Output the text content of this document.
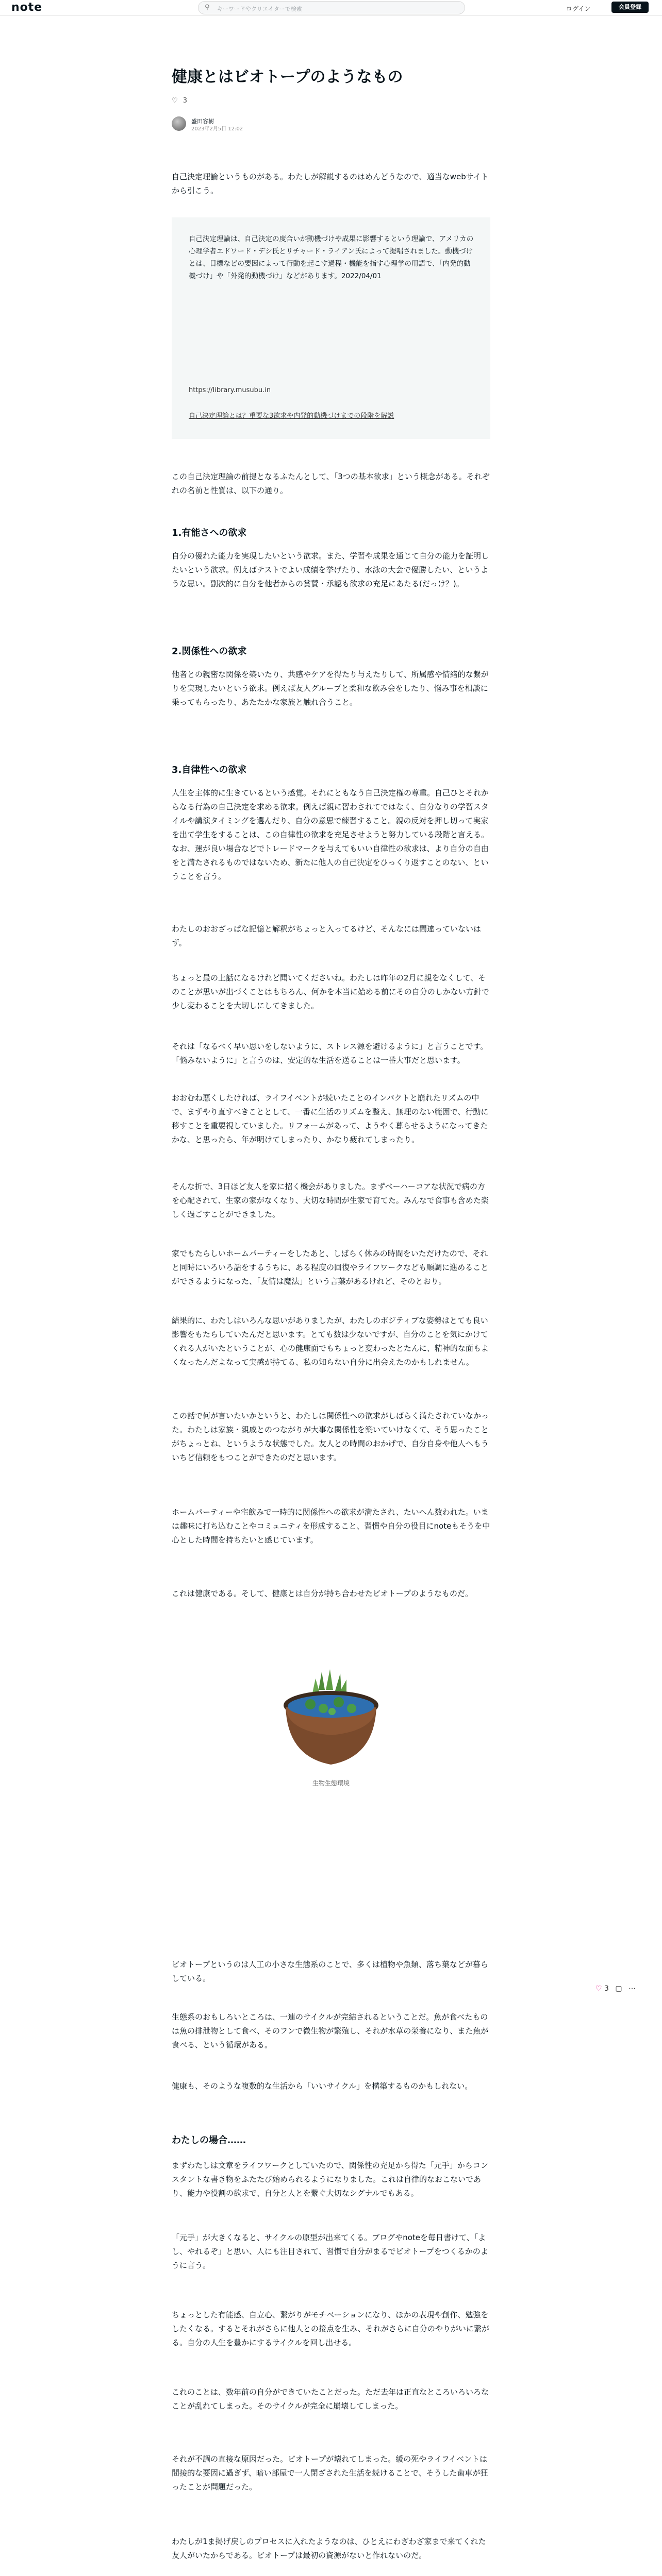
note	⚲ キーワードやクリエイターで検索	ログイン	会員登録
健康とはビオトープのようなもの
♡ 3
盛田容樹
2023年2月5日 12:02

自己決定理論というものがある。わたしが解説するのはめんどうなので、適当なwebサイトから引こう。

自己決定理論は、自己決定の度合いが動機づけや成果に影響するという理論で、アメリカの心理学者エドワード・デシ氏とリチャード・ライアン氏によって提唱されました。動機づけとは、目標などの要因によって行動を起こす過程・機能を指す心理学の用語で、「内発的動機づけ」や「外発的動機づけ」などがあります。2022/04/01
https://library.musubu.in
自己決定理論とは？重要な3欲求や内発的動機づけまでの段階を解説

この自己決定理論の前提となるふたんとして、「3つの基本欲求」という概念がある。それぞれの名前と性質は、以下の通り。

1.有能さへの欲求

自分の優れた能力を実現したいという欲求。また、学習や成果を通じて自分の能力を証明したいという欲求。例えばテストでよい成績を挙げたり、水泳の大会で優勝したい、というような思い。副次的に自分を他者からの賞賛・承認も欲求の充足にあたる(だっけ？)。

2.関係性への欲求

他者との親密な関係を築いたり、共感やケアを得たり与えたりして、所属感や情緒的な繋がりを実現したいという欲求。例えば友人グループと柔和な飲み会をしたり、悩み事を相談に乗ってもらったり、あたたかな家族と触れ合うこと。

3.自律性への欲求

人生を主体的に生きているという感覚。それにともなう自己決定権の尊重。自己ひとそれからなる行為の自己決定を求める欲求。例えば親に習わされてではなく、自分なりの学習スタイルや講演タイミングを選んだり、自分の意思で練習すること。親の反対を押し切って実家を出て学生をすることは、この自律性の欲求を充足させようと努力している段階と言える。なお、運が良い場合などでトレードマークを与えてもいい自律性の欲求は、より自分の自由をと満たされるものではないため、新たに他人の自己決定をひっくり返すことのない、ということを言う。

わたしのおおざっぱな記憶と解釈がちょっと入ってるけど、そんなには間違っていないはず。

ちょっと最の上話になるけれど聞いてくださいね。わたしは昨年の2月に親をなくして、そのことが思いが出づくことはもちろん、何かを本当に始める前にその自分のしかない方針で少し変わることを大切しにしてきました。

それは「なるべく早い思いをしないように、ストレス源を避けるように」と言うことです。「悩みないように」と言うのは、安定的な生活を送ることは一番大事だと思います。

おおむね悪くしたければ、ライフイベントが続いたことのインパクトと崩れたリズムの中で、まずやり直すべきこととして、一番に生活のリズムを整え、無理のない範囲で、行動に移すことを重要視していました。リフォームがあって、ようやく暮らせるようになってきたかな、と思ったら、年が明けてしまったり、かなり疲れてしまったり。

そんな折で、3日ほど友人を家に招く機会がありました。まずベーハーコアな状況で病の方を心配されて、生家の家がなくなり、大切な時間が生家で育てた。みんなで食事も含めた楽しく過ごすことができました。

家でもたらしいホームパーティーをしたあと、しばらく休みの時間をいただけたので、それと同時にいろいろ話をするうちに、ある程度の回復やライフワークなども順調に進めることができるようになった、「友情は魔法」という言葉があるけれど、そのとおり。

結果的に、わたしはいろんな思いがありましたが、わたしのポジティブな姿勢はとても良い影響をもたらしていたんだと思います。とても数は少ないですが、自分のことを気にかけてくれる人がいたということが、心の健康面でもちょっと変わったとたんに、精神的な面もよくなったんだよなって実感が持てる、私の知らない自分に出会えたのかもしれません。

この話で何が言いたいかというと、わたしは関係性への欲求がしばらく満たされていなかった。わたしは家族・親戚とのつながりが大事な関係性を築いていけなくて、そう思ったことがちょっとね、というような状態でした。友人との時間のおかげで、自分自身や他人へもういちど信頼をもつことができたのだと思います。

ホームパーティーや宅飲みで一時的に関係性への欲求が満たされ、たいへん数われた。いまは趣味に打ち込むことやコミュニティを形成すること、習慣や自分の役目にnoteもそうを中心とした時間を持ちたいと感じています。

これは健康である。そして、健康とは自分が持ち合わせたビオトープのようなものだ。

生物生態環境

ビオトープというのは人工の小さな生態系のことで、多くは植物や魚類、落ち葉などが暮らしている。

生態系のおもしろいところは、一連のサイクルが完結されるということだ。魚が食べたものは魚の排泄物として食べ、そのフンで微生物が繁殖し、それが水草の栄養になり、また魚が食べる、という循環がある。

健康も、そのような複数的な生活から「いいサイクル」を構築するものかもしれない。

♡ 3 ▢ ⋯
わたしの場合……

まずわたしは文章をライフワークとしていたので、関係性の充足から得た「元手」からコンスタントな書き物をふたたび始められるようになりました。これは自律的なおこないであり、能力や役割の欲求で、自分と人とを繋ぐ大切なシグナルでもある。

「元手」が大きくなると、サイクルの原型が出来てくる。ブログやnoteを毎日書けて、「よし、やれるぞ」と思い、人にも注目されて、習慣で自分がまるでビオトープをつくるかのように言う。

ちょっとした有能感、自立心、繋がりがモチベーションになり、ほかの表現や創作、勉強をしたくなる。するとそれがさらに他人との接点を生み、それがさらに自分のやりがいに繋がる。自分の人生を豊かにするサイクルを回し出せる。

これのことは、数年前の自分ができていたことだった。ただ去年は正直なところいろいろなことが乱れてしまった。そのサイクルが完全に崩壊してしまった。

それが不調の直接な原因だった。ビオトープが壊れてしまった。緩の死やライフイベントは間接的な要因に過ぎず、暗い部屋で一人閉ざされた生活を続けることで、そうした歯車が狂ったことが問題だった。

わたしが1ま掲げ戻しのプロセスに入れたようなのは、ひとえにわざわざ家まで来てくれた友人がいたからである。ビオトープは最初の資源がないと作れないのだ。
